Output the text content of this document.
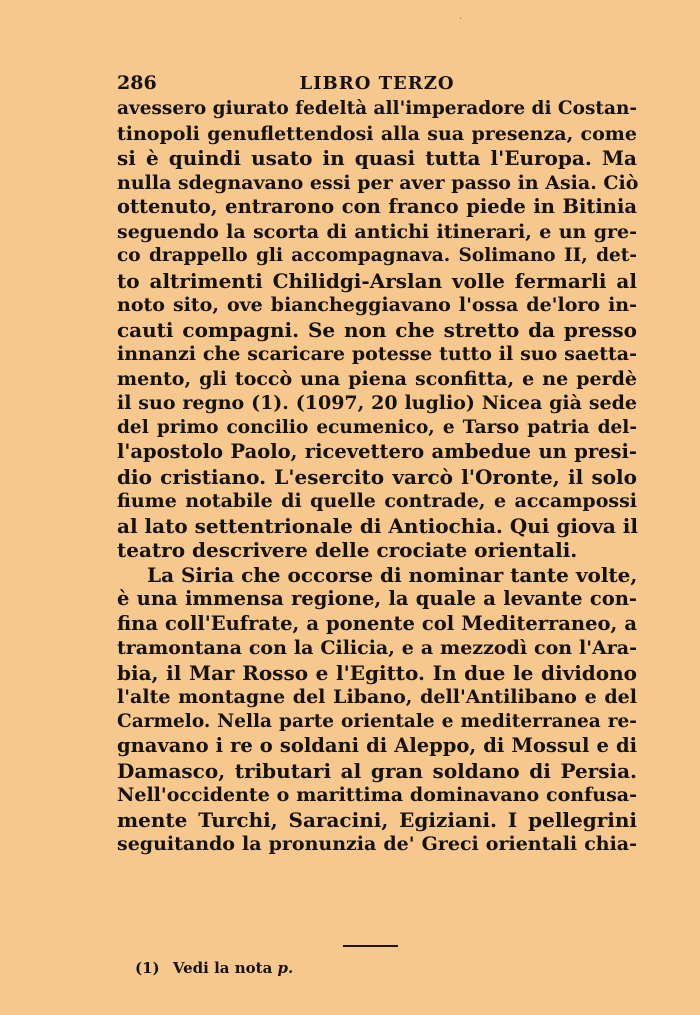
·
286	LIBRO TERZO
avessero giurato fedeltà all'imperadore di Costan-
tinopoli genuflettendosi alla sua presenza, come
si è quindi usato in quasi tutta l'Europa. Ma
nulla sdegnavano essi per aver passo in Asia. Ciò
ottenuto, entrarono con franco piede in Bitinia
seguendo la scorta di antichi itinerari, e un gre-
co drappello gli accompagnava. Solimano II, det-
to altrimenti Chilidgi-Arslan volle fermarli al
noto sito, ove biancheggiavano l'ossa de'loro in-
cauti compagni. Se non che stretto da presso
innanzi che scaricare potesse tutto il suo saetta-
mento, gli toccò una piena sconfitta, e ne perdè
il suo regno (1). (1097, 20 luglio) Nicea già sede
del primo concilio ecumenico, e Tarso patria del-
l'apostolo Paolo, ricevettero ambedue un presi-
dio cristiano. L'esercito varcò l'Oronte, il solo
fiume notabile di quelle contrade, e accampossi
al lato settentrionale di Antiochia. Qui giova il
teatro descrivere delle crociate orientali.
La Siria che occorse di nominar tante volte,
è una immensa regione, la quale a levante con-
fina coll'Eufrate, a ponente col Mediterraneo, a
tramontana con la Cilicia, e a mezzodì con l'Ara-
bia, il Mar Rosso e l'Egitto. In due le dividono
l'alte montagne del Libano, dell'Antilibano e del
Carmelo. Nella parte orientale e mediterranea re-
gnavano i re o soldani di Aleppo, di Mossul e di
Damasco, tributari al gran soldano di Persia.
Nell'occidente o marittima dominavano confusa-
mente Turchi, Saracini, Egiziani. I pellegrini
seguitando la pronunzia de' Greci orientali chia-
(1) Vedi la nota p.
